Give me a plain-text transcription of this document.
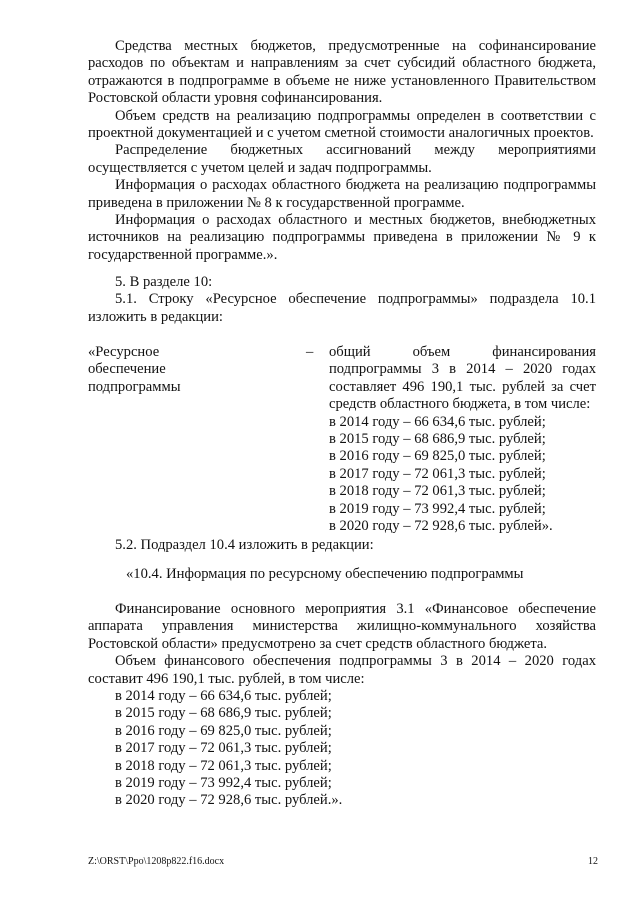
Средства местных бюджетов, предусмотренные на софинансирование расходов по объектам и направлениям за счет субсидий областного бюджета, отражаются в подпрограмме в объеме не ниже установленного Правительством Ростовской области уровня софинансирования.

Объем средств на реализацию подпрограммы определен в соответствии с проектной документацией и с учетом сметной стоимости аналогичных проектов.

Распределение бюджетных ассигнований между мероприятиями осуществляется с учетом целей и задач подпрограммы.

Информация о расходах областного бюджета на реализацию подпрограммы приведена в приложении № 8 к государственной программе.

Информация о расходах областного и местных бюджетов, внебюджетных источников на реализацию подпрограммы приведена в приложении № 9 к государственной программе.».

5. В разделе 10:

5.1. Строку «Ресурсное обеспечение подпрограммы» подраздела 10.1 изложить в редакции:

«Ресурсное обеспечение подпрограммы
– общий объем финансирования подпрограммы 3 в 2014 – 2020 годах составляет 496 190,1 тыс. рублей за счет средств областного бюджета, в том числе:

в 2014 году – 66 634,6 тыс. рублей;
в 2015 году – 68 686,9 тыс. рублей;
в 2016 году – 69 825,0 тыс. рублей;
в 2017 году – 72 061,3 тыс. рублей;
в 2018 году – 72 061,3 тыс. рублей;
в 2019 году – 73 992,4 тыс. рублей;
в 2020 году – 72 928,6 тыс. рублей».

5.2. Подраздел 10.4 изложить в редакции:

«10.4. Информация по ресурсному обеспечению подпрограммы

Финансирование основного мероприятия 3.1 «Финансовое обеспечение аппарата управления министерства жилищно-коммунального хозяйства Ростовской области» предусмотрено за счет средств областного бюджета.

Объем финансового обеспечения подпрограммы 3 в 2014 – 2020 годах составит 496 190,1 тыс. рублей, в том числе:

в 2014 году – 66 634,6 тыс. рублей;
в 2015 году – 68 686,9 тыс. рублей;
в 2016 году – 69 825,0 тыс. рублей;
в 2017 году – 72 061,3 тыс. рублей;
в 2018 году – 72 061,3 тыс. рублей;
в 2019 году – 73 992,4 тыс. рублей;
в 2020 году – 72 928,6 тыс. рублей.».
Z:\ORST\Ppo\1208p822.f16.docx	12
